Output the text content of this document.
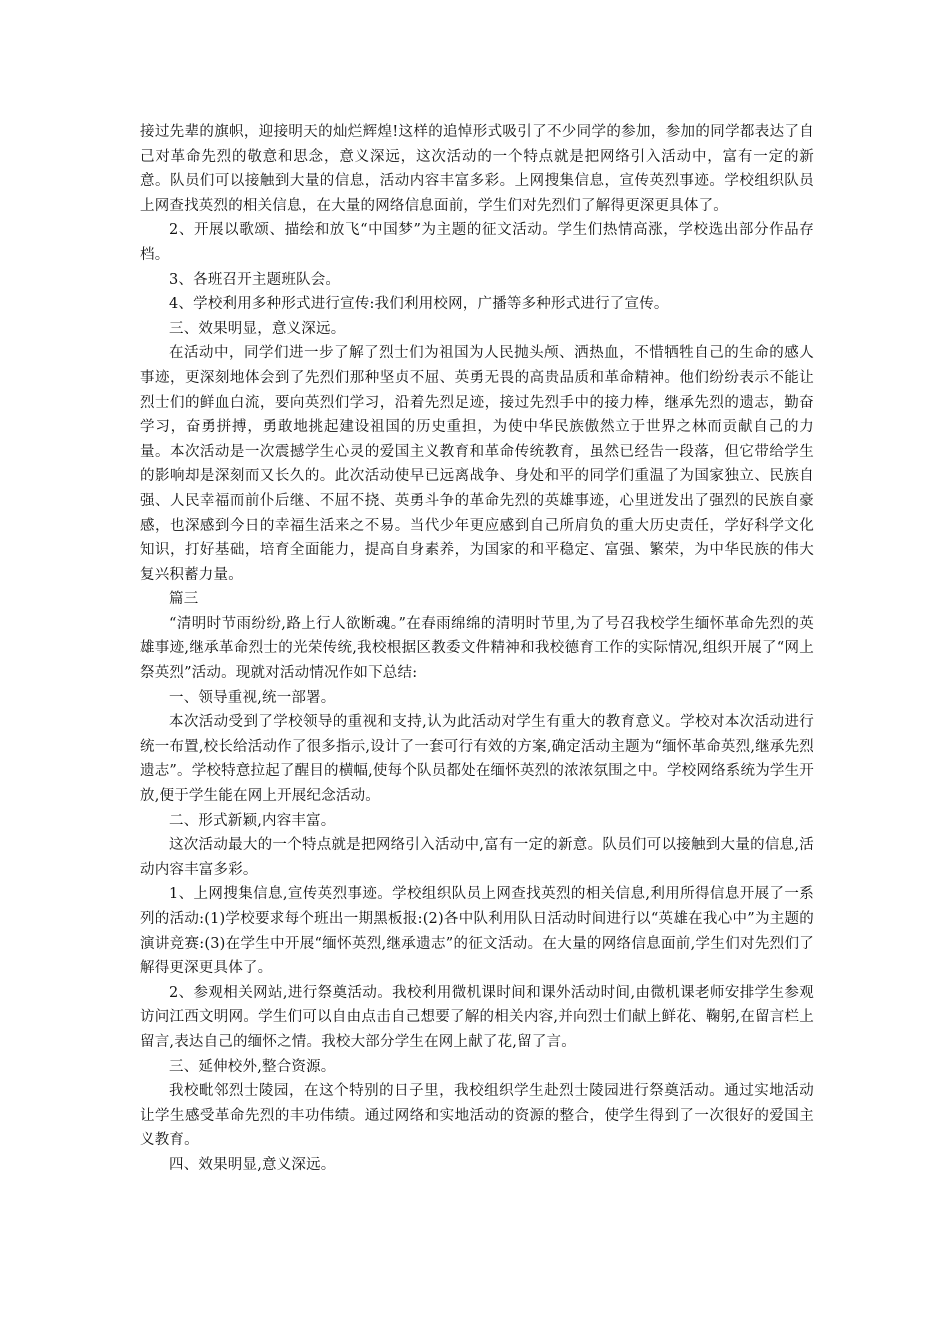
接过先辈的旗帜，迎接明天的灿烂辉煌!这样的追悼形式吸引了不少同学的参加，参加的同学都表达了自己对革命先烈的敬意和思念，意义深远，这次活动的一个特点就是把网络引入活动中，富有一定的新意。队员们可以接触到大量的信息，活动内容丰富多彩。上网搜集信息，宣传英烈事迹。学校组织队员上网查找英烈的相关信息，在大量的网络信息面前，学生们对先烈们了解得更深更具体了。

2、开展以歌颂、描绘和放飞“中国梦”为主题的征文活动。学生们热情高涨，学校选出部分作品存档。

3、各班召开主题班队会。

4、学校利用多种形式进行宣传:我们利用校网，广播等多种形式进行了宣传。

三、效果明显，意义深远。

在活动中，同学们进一步了解了烈士们为祖国为人民抛头颅、洒热血，不惜牺牲自己的生命的感人事迹，更深刻地体会到了先烈们那种坚贞不屈、英勇无畏的高贵品质和革命精神。他们纷纷表示不能让烈士们的鲜血白流，要向英烈们学习，沿着先烈足迹，接过先烈手中的接力棒，继承先烈的遗志，勤奋学习，奋勇拼搏，勇敢地挑起建设祖国的历史重担，为使中华民族傲然立于世界之林而贡献自己的力量。本次活动是一次震撼学生心灵的爱国主义教育和革命传统教育，虽然已经告一段落，但它带给学生的影响却是深刻而又长久的。此次活动使早已远离战争、身处和平的同学们重温了为国家独立、民族自强、人民幸福而前仆后继、不屈不挠、英勇斗争的革命先烈的英雄事迹，心里迸发出了强烈的民族自豪感，也深感到今日的幸福生活来之不易。当代少年更应感到自己所肩负的重大历史责任，学好科学文化知识，打好基础，培育全面能力，提高自身素养，为国家的和平稳定、富强、繁荣，为中华民族的伟大复兴积蓄力量。

篇三

“清明时节雨纷纷,路上行人欲断魂。”在春雨绵绵的清明时节里,为了号召我校学生缅怀革命先烈的英雄事迹,继承革命烈士的光荣传统,我校根据区教委文件精神和我校德育工作的实际情况,组织开展了“网上祭英烈”活动。现就对活动情况作如下总结:

一、领导重视,统一部署。

本次活动受到了学校领导的重视和支持,认为此活动对学生有重大的教育意义。学校对本次活动进行统一布置,校长给活动作了很多指示,设计了一套可行有效的方案,确定活动主题为“缅怀革命英烈,继承先烈遗志”。学校特意拉起了醒目的横幅,使每个队员都处在缅怀英烈的浓浓氛围之中。学校网络系统为学生开放,便于学生能在网上开展纪念活动。

二、形式新颖,内容丰富。

这次活动最大的一个特点就是把网络引入活动中,富有一定的新意。队员们可以接触到大量的信息,活动内容丰富多彩。

1、上网搜集信息,宣传英烈事迹。学校组织队员上网查找英烈的相关信息,利用所得信息开展了一系列的活动:(1)学校要求每个班出一期黑板报:(2)各中队利用队日活动时间进行以“英雄在我心中”为主题的演讲竞赛:(3)在学生中开展“缅怀英烈,继承遗志”的征文活动。在大量的网络信息面前,学生们对先烈们了解得更深更具体了。

2、参观相关网站,进行祭奠活动。我校利用微机课时间和课外活动时间,由微机课老师安排学生参观访问江西文明网。学生们可以自由点击自己想要了解的相关内容,并向烈士们献上鲜花、鞠躬,在留言栏上留言,表达自己的缅怀之情。我校大部分学生在网上献了花,留了言。

三、延伸校外,整合资源。

我校毗邻烈士陵园，在这个特别的日子里，我校组织学生赴烈士陵园进行祭奠活动。通过实地活动让学生感受革命先烈的丰功伟绩。通过网络和实地活动的资源的整合，使学生得到了一次很好的爱国主义教育。

四、效果明显,意义深远。
